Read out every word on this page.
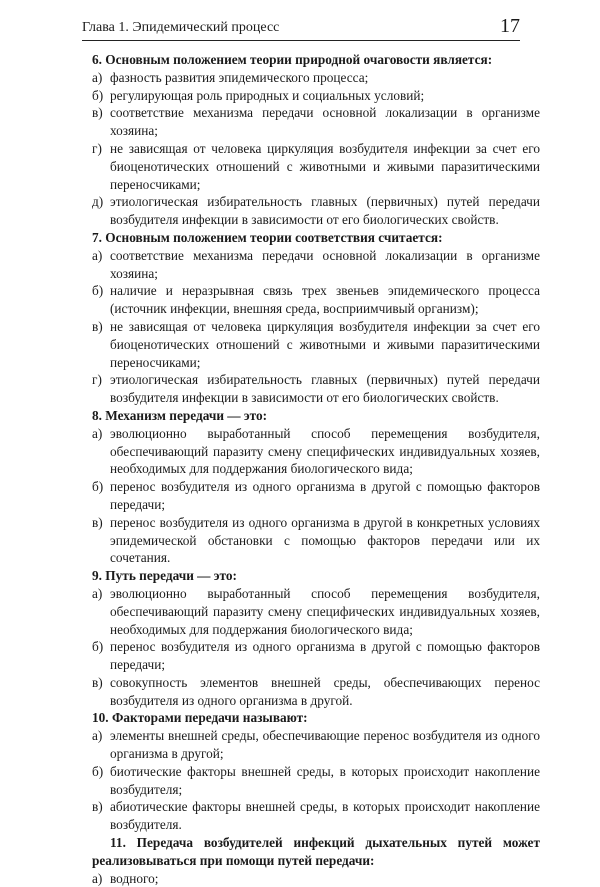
Глава 1. Эпидемический процесс	17

6. Основным положением теории природной очаговости является:

а) фазность развития эпидемического процесса;
б) регулирующая роль природных и социальных условий;
в) соответствие механизма передачи основной локализации в организме хозяина;
г) не зависящая от человека циркуляция возбудителя инфекции за счет его биоценотических отношений с животными и живыми паразитическими переносчиками;
д) этиологическая избирательность главных (первичных) путей передачи возбудителя инфекции в зависимости от его биологических свойств.

7. Основным положением теории соответствия считается:

а) соответствие механизма передачи основной локализации в организме хозяина;
б) наличие и неразрывная связь трех звеньев эпидемического процесса (источник инфекции, внешняя среда, восприимчивый организм);
в) не зависящая от человека циркуляция возбудителя инфекции за счет его биоценотических отношений с животными и живыми паразитическими переносчиками;
г) этиологическая избирательность главных (первичных) путей передачи возбудителя инфекции в зависимости от его биологических свойств.

8. Механизм передачи — это:

а) эволюционно выработанный способ перемещения возбудителя, обеспечивающий паразиту смену специфических индивидуальных хозяев, необходимых для поддержания биологического вида;
б) перенос возбудителя из одного организма в другой с помощью факторов передачи;
в) перенос возбудителя из одного организма в другой в конкретных условиях эпидемической обстановки с помощью факторов передачи или их сочетания.

9. Путь передачи — это:

а) эволюционно выработанный способ перемещения возбудителя, обеспечивающий паразиту смену специфических индивидуальных хозяев, необходимых для поддержания биологического вида;
б) перенос возбудителя из одного организма в другой с помощью факторов передачи;
в) совокупность элементов внешней среды, обеспечивающих перенос возбудителя из одного организма в другой.

10. Факторами передачи называют:

а) элементы внешней среды, обеспечивающие перенос возбудителя из одного организма в другой;
б) биотические факторы внешней среды, в которых происходит накопление возбудителя;
в) абиотические факторы внешней среды, в которых происходит накопление возбудителя.

11. Передача возбудителей инфекций дыхательных путей может реализовываться при помощи путей передачи:

а) водного;
